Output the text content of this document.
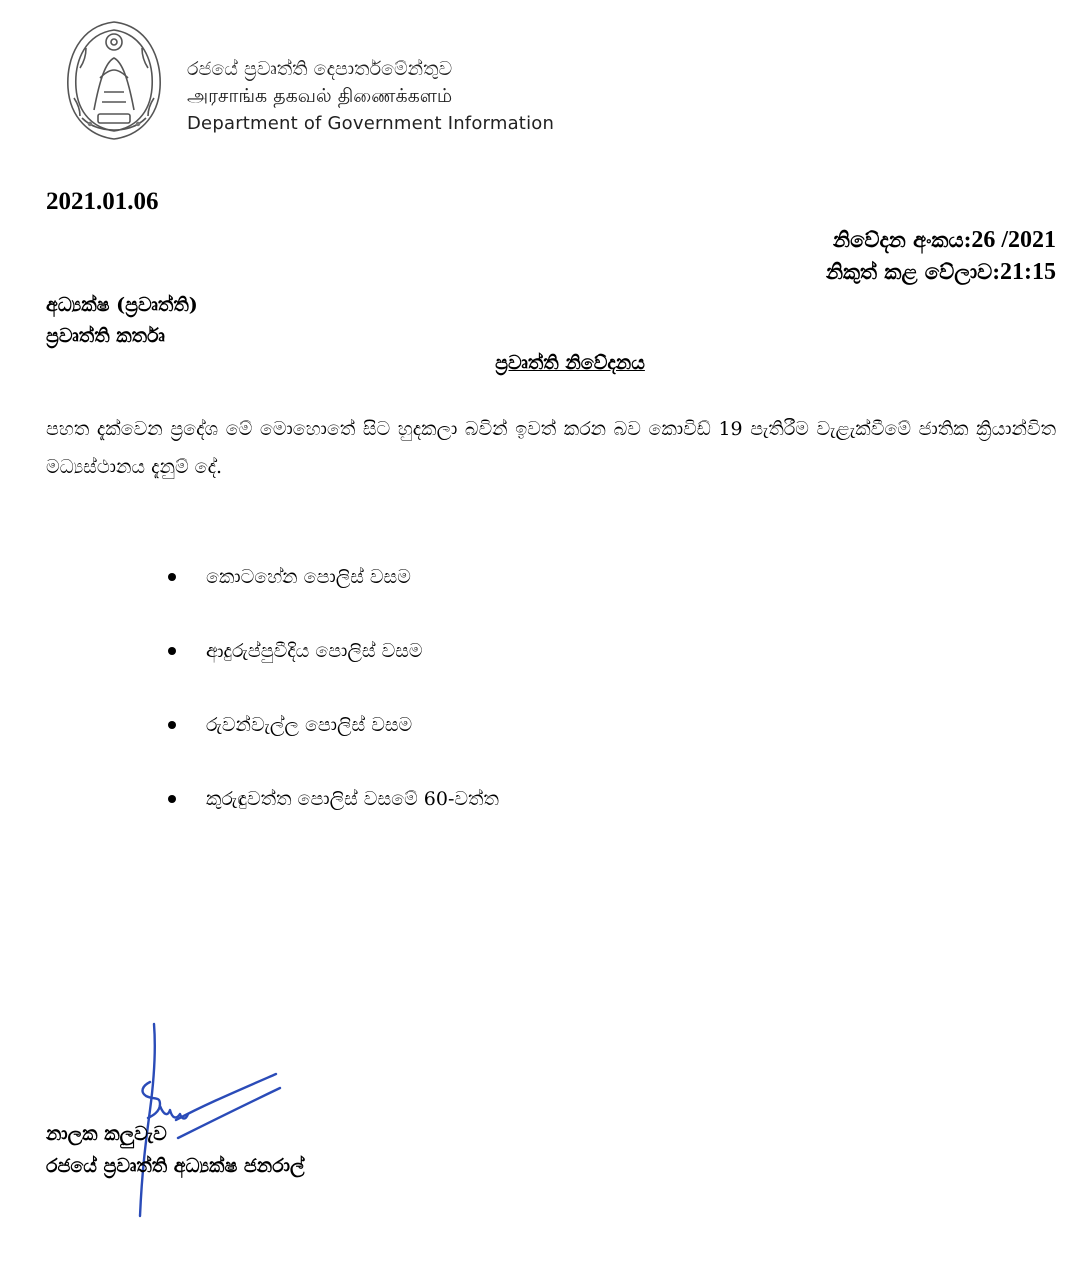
රජයේ ප්‍රවෘත්ති දෙපාර්තමේන්තුව
அரசாங்க தகவல் திணைக்களம்
Department of Government Information
2021.01.06
නිවේදන අංකය:26 /2021
නිකුත් කළ වේලාව:21:15
අධ්‍යක්ෂ (ප්‍රවෘත්ති)
ප්‍රවෘත්ති කර්තෘ
ප්‍රවෘත්ති නිවේදනය
පහත දැක්වෙන ප්‍රදේශ මේ මොහොතේ සිට හුදකලා බවින් ඉවත් කරන බව කොවිඩ් 19 පැතිරීම වැළැක්වීමේ ජාතික ක්‍රියාන්විත මධ්‍යස්ථානය දැනුම් දේ.
කොටහේන පොලිස් වසම
ආදුරුප්පුවීදිය පොලිස් වසම
රුවන්වැල්ල පොලිස් වසම
කුරුඳුවත්ත පොලිස් වසමේ 60-වත්ත
නාලක කලුවැව
රජයේ ප්‍රවෘත්ති අධ්‍යක්ෂ ජනරාල්
